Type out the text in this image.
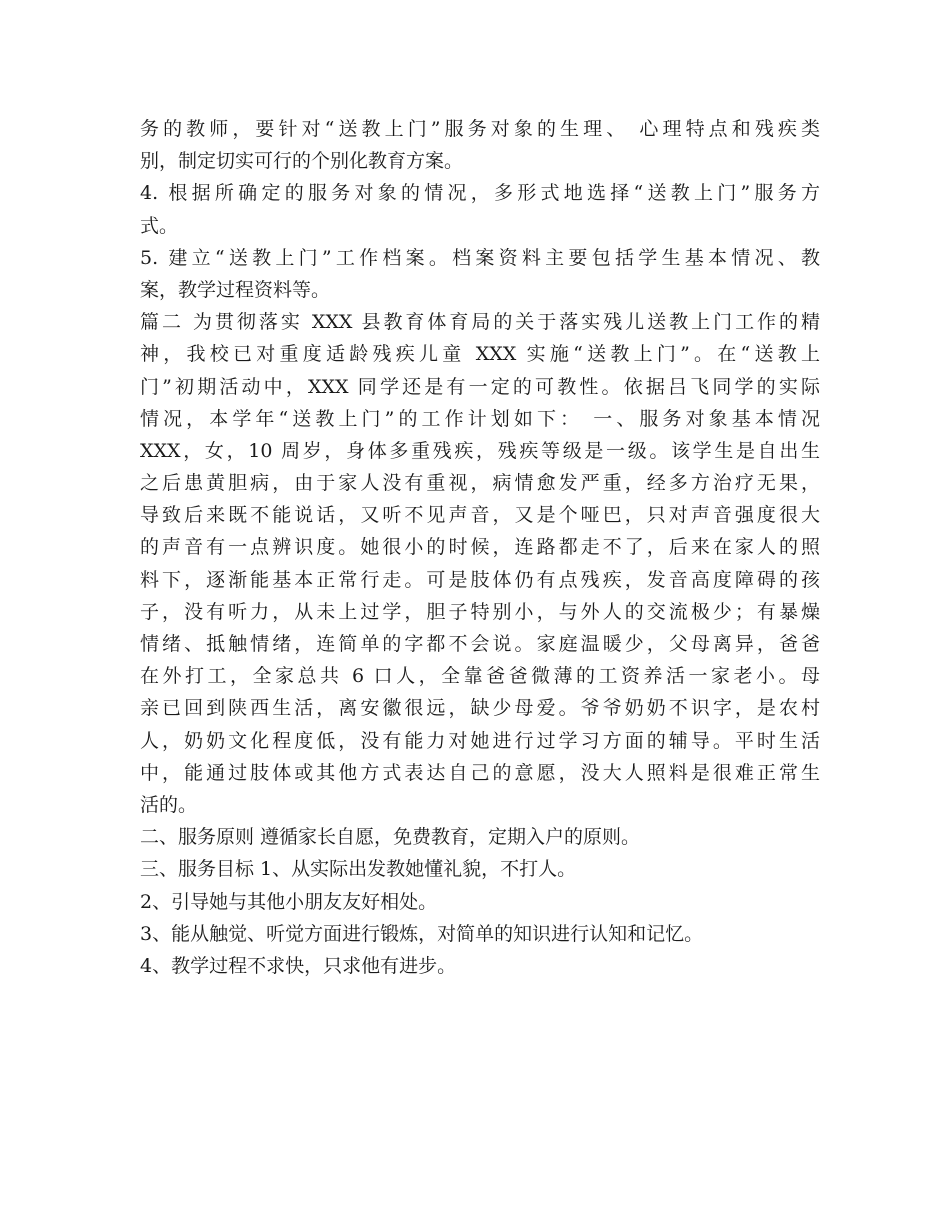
务的教师，要针对“送教上门”服务对象的生理、 心理特点和残疾类
别，制定切实可行的个别化教育方案。
4. 根据所确定的服务对象的情况，多形式地选择“送教上门”服务方
式。
5. 建立“送教上门”工作档案。档案资料主要包括学生基本情况、教
案，教学过程资料等。
篇二 为贯彻落实 XXX 县教育体育局的关于落实残儿送教上门工作的精
神，我校已对重度适龄残疾儿童 XXX 实施“送教上门”。在“送教上
门”初期活动中，XXX 同学还是有一定的可教性。依据吕飞同学的实际
情况，本学年“送教上门”的工作计划如下： 一、服务对象基本情况
XXX，女，10 周岁，身体多重残疾，残疾等级是一级。该学生是自出生
之后患黄胆病，由于家人没有重视，病情愈发严重，经多方治疗无果，
导致后来既不能说话，又听不见声音，又是个哑巴，只对声音强度很大
的声音有一点辨识度。她很小的时候，连路都走不了，后来在家人的照
料下，逐渐能基本正常行走。可是肢体仍有点残疾，发音高度障碍的孩
子，没有听力，从未上过学，胆子特别小，与外人的交流极少；有暴燥
情绪、抵触情绪，连简单的字都不会说。家庭温暖少，父母离异，爸爸
在外打工，全家总共 6 口人，全靠爸爸微薄的工资养活一家老小。母
亲已回到陕西生活，离安徽很远，缺少母爱。爷爷奶奶不识字，是农村
人，奶奶文化程度低，没有能力对她进行过学习方面的辅导。平时生活
中，能通过肢体或其他方式表达自己的意愿，没大人照料是很难正常生
活的。
二、服务原则 遵循家长自愿，免费教育，定期入户的原则。
三、服务目标 1、从实际出发教她懂礼貌，不打人。
2、引导她与其他小朋友友好相处。
3、能从触觉、听觉方面进行锻炼，对简单的知识进行认知和记忆。
4、教学过程不求快，只求他有进步。
